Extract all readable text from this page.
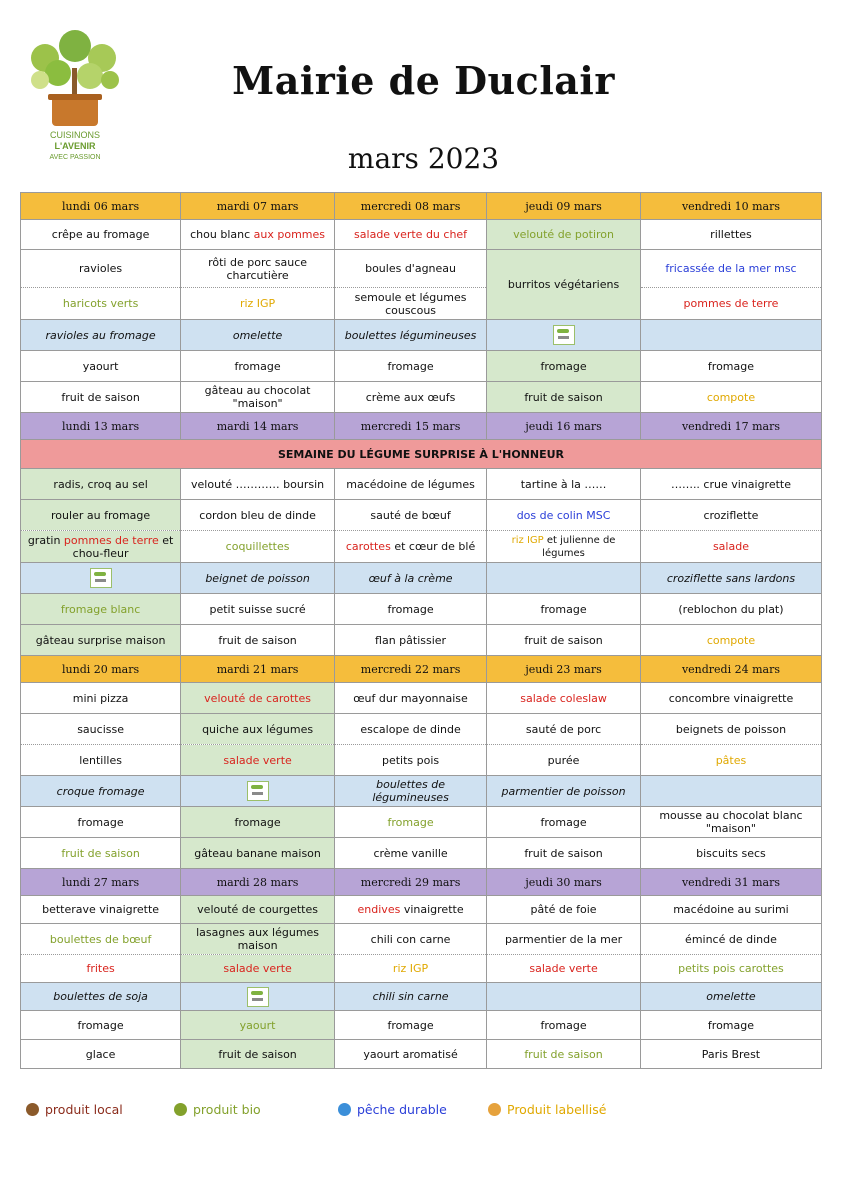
CUISINONS
L'AVENIR
AVEC PASSION
Mairie de Duclair
mars 2023
lundi 06 mars	mardi 07 mars	mercredi 08 mars	jeudi 09 mars	vendredi 10 mars
crêpe au fromage	chou blanc aux pommes	salade verte du chef	velouté de potiron	rillettes
ravioles	rôti de porc sauce charcutière	boules d'agneau	burritos végétariens	fricassée de la mer msc
haricots verts	riz IGP	semoule et légumes couscous		pommes de terre
ravioles au fromage	omelette	boulettes légumineuses		
yaourt	fromage	fromage	fromage	fromage
fruit de saison	gâteau au chocolat "maison"	crème aux œufs	fruit de saison	compote
lundi 13 mars	mardi 14 mars	mercredi 15 mars	jeudi 16 mars	vendredi 17 mars
SEMAINE DU LÉGUME SURPRISE À L'HONNEUR				
radis, croq au sel	velouté ………… boursin	macédoine de légumes	tartine à la ……	…….. crue vinaigrette
rouler au fromage	cordon bleu de dinde	sauté de bœuf	dos de colin MSC	croziflette
gratin pommes de terre et chou-fleur	coquillettes	carottes et cœur de blé	riz IGP et julienne de légumes	salade
	beignet de poisson	œuf à la crème		croziflette sans lardons
fromage blanc	petit suisse sucré	fromage	fromage	(reblochon du plat)
gâteau surprise maison	fruit de saison	flan pâtissier	fruit de saison	compote
lundi 20 mars	mardi 21 mars	mercredi 22 mars	jeudi 23 mars	vendredi 24 mars
mini pizza	velouté de carottes	œuf dur mayonnaise	salade coleslaw	concombre vinaigrette
saucisse	quiche aux légumes	escalope de dinde	sauté de porc	beignets de poisson
lentilles	salade verte	petits pois	purée	pâtes
croque fromage		boulettes de légumineuses	parmentier de poisson	
fromage	fromage	fromage	fromage	mousse au chocolat blanc "maison"
fruit de saison	gâteau banane maison	crème vanille	fruit de saison	biscuits secs
lundi 27 mars	mardi 28 mars	mercredi 29 mars	jeudi 30 mars	vendredi 31 mars
betterave vinaigrette	velouté de courgettes	endives vinaigrette	pâté de foie	macédoine au surimi
boulettes de bœuf	lasagnes aux légumes maison	chili con carne	parmentier de la mer	émincé de dinde
frites	salade verte	riz IGP	salade verte	petits pois carottes
boulettes de soja		chili sin carne		omelette
fromage	yaourt	fromage	fromage	fromage
glace	fruit de saison	yaourt aromatisé	fruit de saison	Paris Brest
produit local	produit bio	pêche durable	Produit labellisé
